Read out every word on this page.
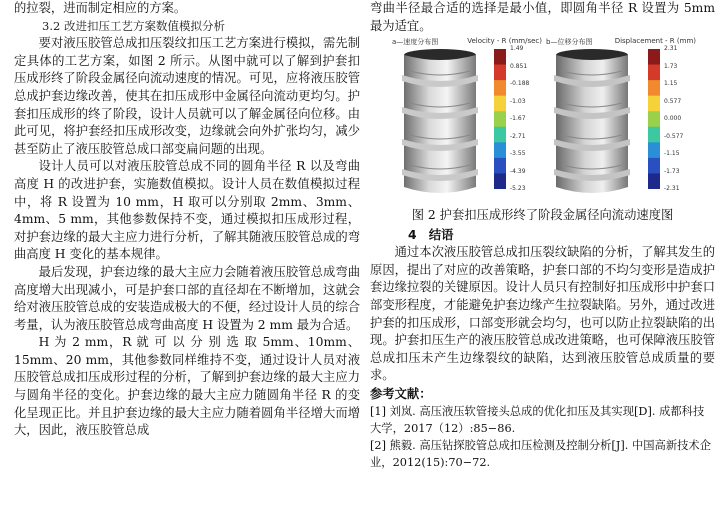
的拉裂，进而制定相应的方案。

3.2 改进扣压工艺方案数值模拟分析

要对液压胶管总成扣压裂纹扣压工艺方案进行模拟，需先制定具体的工艺方案，如图 2 所示。从图中就可以了解到护套扣压成形终了阶段金属径向流动速度的情况。可见，应将液压胶管总成护套边缘改善，使其在扣压成形中金属径向流动更均匀。护套扣压成形的终了阶段，设计人员就可以了解金属径向位移。由此可见，将护套经扣压成形改变，边缘就会向外扩张均匀，减少甚至防止了液压胶管总成口部变扁问题的出现。

设计人员可以对液压胶管总成不同的圆角半径 R 以及弯曲高度 H 的改进护套，实施数值模拟。设计人员在数值模拟过程中，将 R 设置为 10 mm，H 取可以分别取 2mm、3mm、4mm、5 mm，其他参数保持不变，通过模拟扣压成形过程，对护套边缘的最大主应力进行分析，了解其随液压胶管总成的弯曲高度 H 变化的基本规律。

最后发现，护套边缘的最大主应力会随着液压胶管总成弯曲高度增大出现减小，可是护套口部的直径却在不断增加，这就会给对液压胶管总成的安装造成极大的不便，经过设计人员的综合考量，认为液压胶管总成弯曲高度 H 设置为 2 mm 最为合适。

H 为 2 mm，R 就 可 以 分 别 选 取 5mm、10mm、15mm、20 mm，其他参数同样维持不变，通过设计人员对液压胶管总成扣压成形过程的分析，了解到护套边缘的最大主应力与圆角半径的变化。护套边缘的最大主应力随圆角半径 R 的变化呈现正比。并且护套边缘的最大主应力随着圆角半径增大而增大，因此，液压胶管总成

弯曲半径最合适的选择是最小值，即圆角半径 R 设置为 5mm 最为适宜。

a—速度分布图	Velocity - R (mm/sec)
1.49
0.851
-0.188
-1.03
-1.67
-2.71
-3.55
-4.39
-5.23
b—位移分布图	Displacement - R (mm)
2.31
1.73
1.15
0.577
0.000
-0.577
-1.15
-1.73
-2.31

图 2 护套扣压成形终了阶段金属径向流动速度图

4　结语

通过本次液压胶管总成扣压裂纹缺陷的分析，了解其发生的原因，提出了对应的改善策略，护套口部的不均匀变形是造成护套边缘拉裂的关键原因。设计人员只有控制好扣压成形中护套口部变形程度，才能避免护套边缘产生拉裂缺陷。另外，通过改进护套的扣压成形，口部变形就会均匀，也可以防止拉裂缺陷的出现。护套扣压生产的液压胶管总成改进策略，也可保障液压胶管总成扣压未产生边缘裂纹的缺陷，达到液压胶管总成质量的要求。

参考文献：

[1] 刘岚. 高压液压软管接头总成的优化扣压及其实现[D]. 成都科技大学，2017（12）:85−86.

[2] 熊毅. 高压钻探胶管总成扣压检测及控制分析[J]. 中国高新技术企业，2012(15):70−72.
